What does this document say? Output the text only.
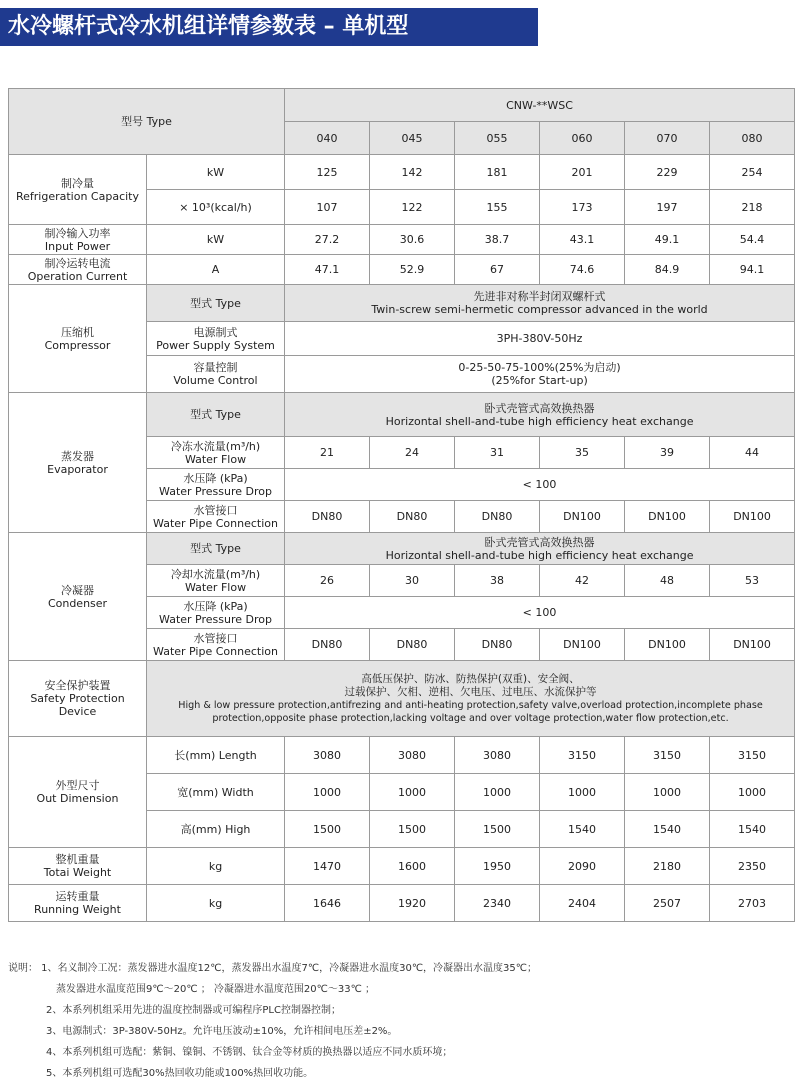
水冷螺杆式冷水机组详情参数表 – 单机型
型号 Type		CNW-**WSC					
		040	045	055	060	070	080

制冷量
Refrigeration Capacity	kW	125	142	181	201	229	254
	× 10³(kcal/h)	107	122	155	173	197	218

制冷输入功率
Input Power	kW	27.2	30.6	38.7	43.1	49.1	54.4

制冷运转电流
Operation Current	A	47.1	52.9	67	74.6	84.9	94.1

压缩机
Compressor	型式 Type	先进非对称半封闭双螺杆式
Twin-screw semi-hermetic compressor advanced in the world					

	电源制式
Power Supply System	3PH-380V-50Hz					

	容量控制
Volume Control	0-25-50-75-100%(25%为启动)
(25%for Start-up)					

蒸发器
Evaporator	型式 Type	卧式壳管式高效换热器
Horizontal shell-and-tube high efficiency heat exchange					

	冷冻水流量(m³/h)
Water Flow	21	24	31	35	39	44

	水压降 (kPa)
Water Pressure Drop	< 100					

	水管接口
Water Pipe Connection	DN80	DN80	DN80	DN100	DN100	DN100

冷凝器
Condenser	型式 Type	卧式壳管式高效换热器
Horizontal shell-and-tube high efficiency heat exchange					

	冷却水流量(m³/h)
Water Flow	26	30	38	42	48	53

	水压降 (kPa)
Water Pressure Drop	< 100					

	水管接口
Water Pipe Connection	DN80	DN80	DN80	DN100	DN100	DN100

安全保护装置
Safety Protection Device	高低压保护、防冰、防热保护(双重)、安全阀、
过载保护、欠相、逆相、欠电压、过电压、水流保护等
High & low pressure protection,antifrezing and anti-heating protection,safety valve,overload protection,incomplete phase
protection,opposite phase protection,lacking voltage and over voltage protection,water flow protection,etc.						

外型尺寸
Out Dimension	长(mm) Length	3080	3080	3080	3150	3150	3150
	宽(mm) Width	1000	1000	1000	1000	1000	1000
	高(mm) High	1500	1500	1500	1540	1540	1540

整机重量
Totai Weight	kg	1470	1600	1950	2090	2180	2350

运转重量
Running Weight	kg	1646	1920	2340	2404	2507	2703
说明： 1、名义制冷工况：蒸发器进水温度12℃，蒸发器出水温度7℃，冷凝器进水温度30℃，冷凝器出水温度35℃；
蒸发器进水温度范围9℃～20℃ ； 冷凝器进水温度范围20℃～33℃ ；
2、本系列机组采用先进的温度控制器或可编程序PLC控制器控制；
3、电源制式：3P-380V-50Hz。允许电压波动±10%，允许相间电压差±2%。
4、本系列机组可选配：紫铜、镍铜、不锈钢、钛合金等材质的换热器以适应不同水质环境；
5、本系列机组可选配30%热回收功能或100%热回收功能。
